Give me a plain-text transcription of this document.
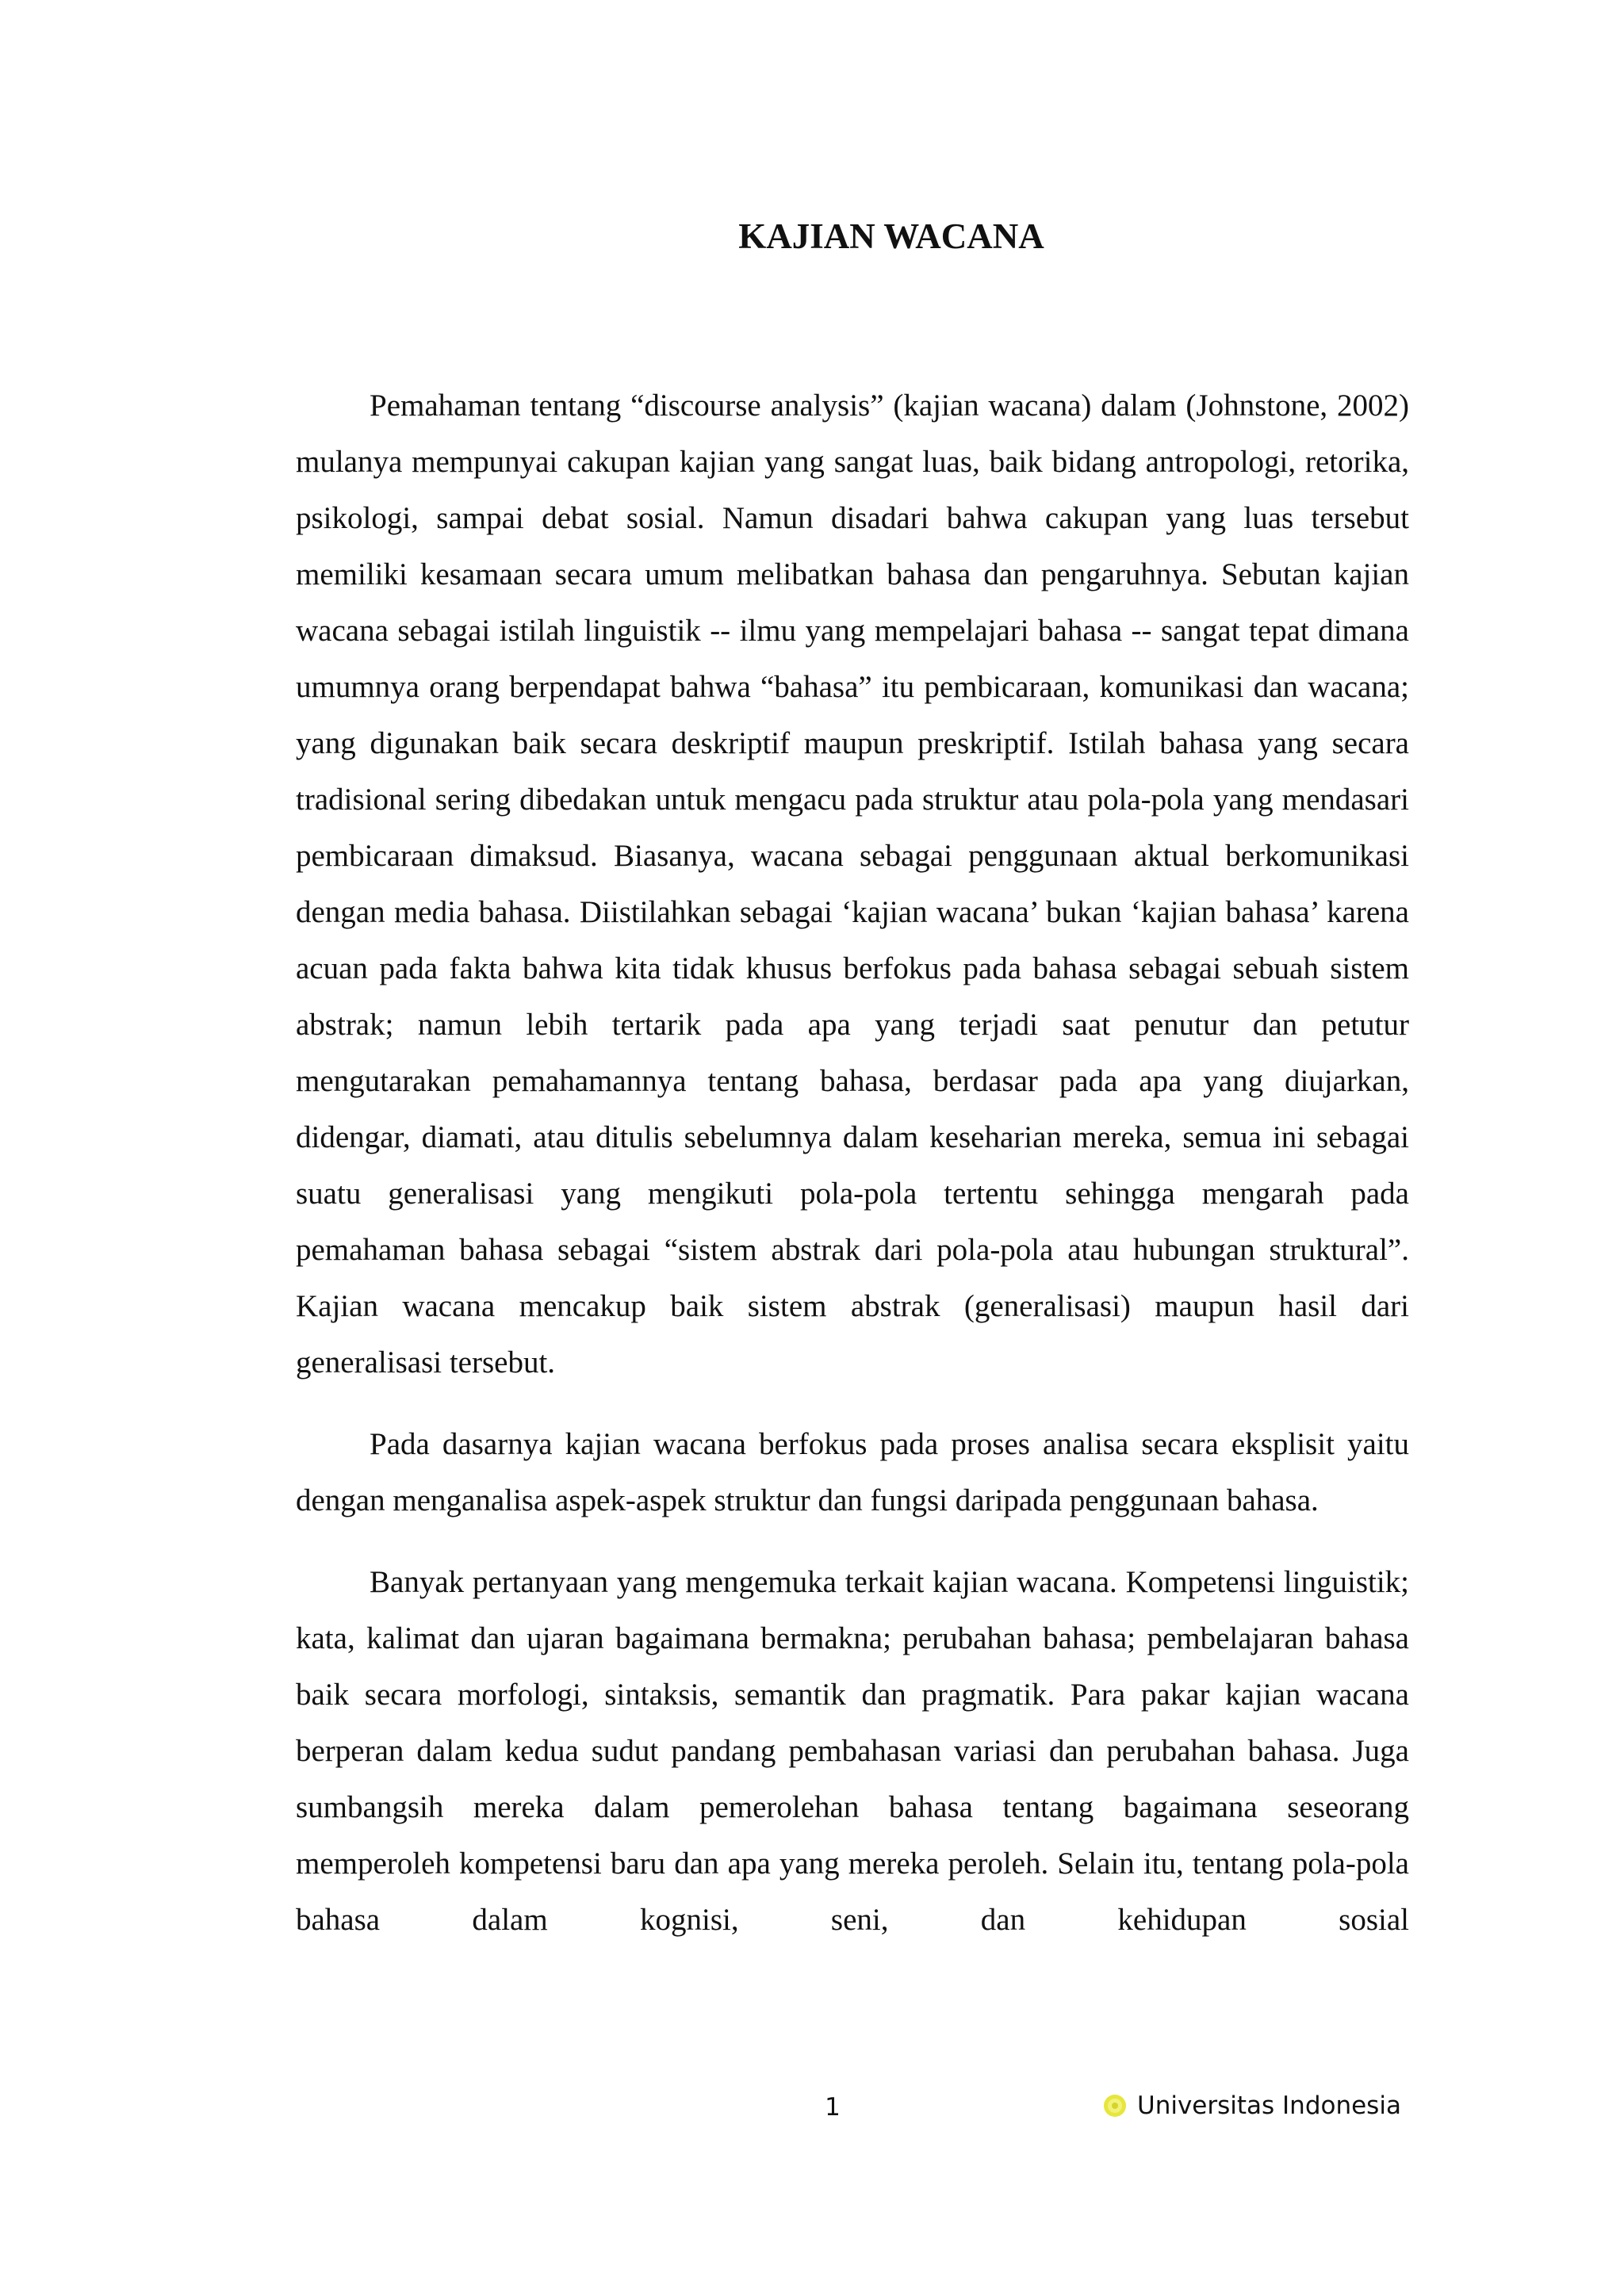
KAJIAN WACANA

Pemahaman tentang “discourse analysis” (kajian wacana) dalam (Johnstone, 2002) mulanya mempunyai cakupan kajian yang sangat luas, baik bidang antropologi, retorika, psikologi, sampai debat sosial. Namun disadari bahwa cakupan yang luas tersebut memiliki kesamaan secara umum melibatkan bahasa dan pengaruhnya. Sebutan kajian wacana sebagai istilah linguistik -- ilmu yang mempelajari bahasa -- sangat tepat dimana umumnya orang berpendapat bahwa “bahasa” itu pembicaraan, komunikasi dan wacana; yang digunakan baik secara deskriptif maupun preskriptif. Istilah bahasa yang secara tradisional sering dibedakan untuk mengacu pada struktur atau pola-pola yang mendasari pembicaraan dimaksud. Biasanya, wacana sebagai penggunaan aktual berkomunikasi dengan media bahasa. Diistilahkan sebagai ‘kajian wacana’ bukan ‘kajian bahasa’ karena acuan pada fakta bahwa kita tidak khusus berfokus pada bahasa sebagai sebuah sistem abstrak; namun lebih tertarik pada apa yang terjadi saat penutur dan petutur mengutarakan pemahamannya tentang bahasa, berdasar pada apa yang diujarkan, didengar, diamati, atau ditulis sebelumnya dalam keseharian mereka, semua ini sebagai suatu generalisasi yang mengikuti pola-pola tertentu sehingga mengarah pada pemahaman bahasa sebagai “sistem abstrak dari pola-pola atau hubungan struktural”. Kajian wacana mencakup baik sistem abstrak (generalisasi) maupun hasil dari generalisasi tersebut.

Pada dasarnya kajian wacana berfokus pada proses analisa secara eksplisit yaitu dengan menganalisa aspek-aspek struktur dan fungsi daripada penggunaan bahasa.

Banyak pertanyaan yang mengemuka terkait kajian wacana. Kompetensi linguistik; kata, kalimat dan ujaran bagaimana bermakna; perubahan bahasa; pembelajaran bahasa baik secara morfologi, sintaksis, semantik dan pragmatik. Para pakar kajian wacana berperan dalam kedua sudut pandang pembahasan variasi dan perubahan bahasa. Juga sumbangsih mereka dalam pemerolehan bahasa tentang bagaimana seseorang memperoleh kompetensi baru dan apa yang mereka peroleh. Selain itu, tentang pola-pola bahasa dalam kognisi, seni, dan kehidupan sosial

1	Universitas Indonesia
